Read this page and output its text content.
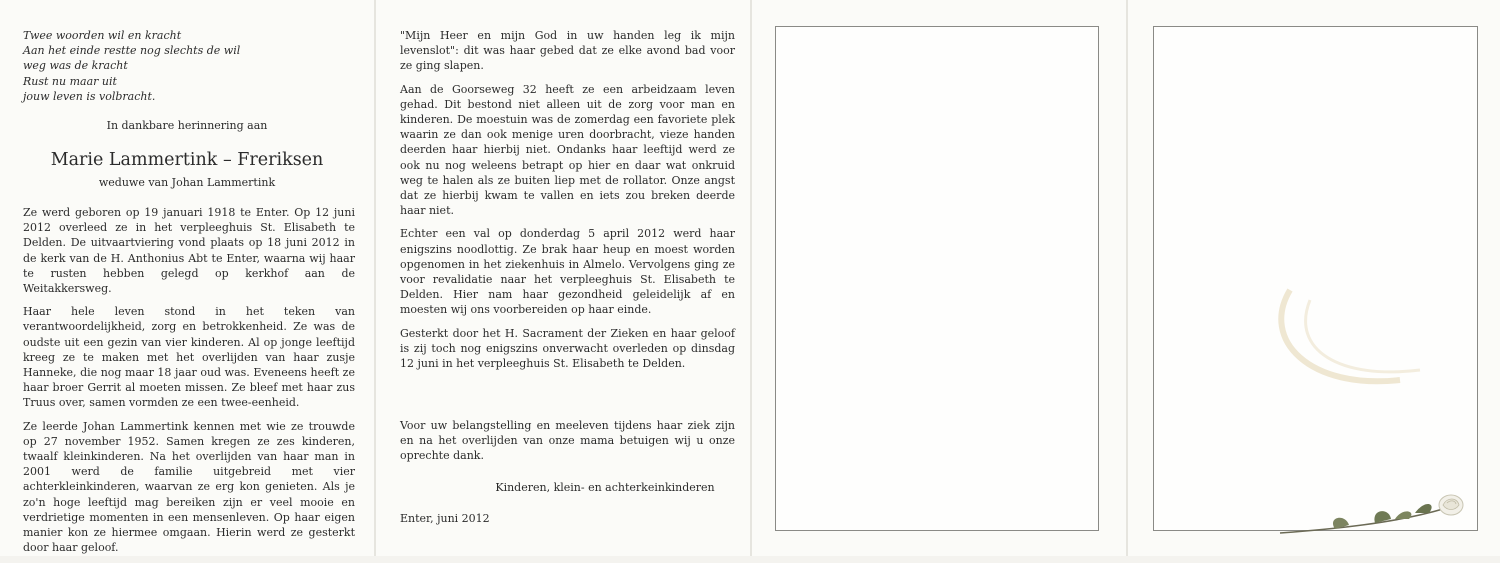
Twee woorden wil en kracht
Aan het einde restte nog slechts de wil
weg was de kracht
Rust nu maar uit
jouw leven is volbracht.
In dankbare herinnering aan
Marie Lammertink – Freriksen
weduwe van Johan Lammertink

Ze werd geboren op 19 januari 1918 te Enter. Op 12 juni 2012 overleed ze in het verpleeghuis St. Elisabeth te Delden. De uitvaartviering vond plaats op 18 juni 2012 in de kerk van de H. Anthonius Abt te Enter, waarna wij haar te rusten hebben gelegd op kerkhof aan de Weitakkersweg.

Haar hele leven stond in het teken van verantwoordelijkheid, zorg en betrokkenheid. Ze was de oudste uit een gezin van vier kinderen. Al op jonge leeftijd kreeg ze te maken met het overlijden van haar zusje Hanneke, die nog maar 18 jaar oud was. Eveneens heeft ze haar broer Gerrit al moeten missen. Ze bleef met haar zus Truus over, samen vormden ze een twee-eenheid.

Ze leerde Johan Lammertink kennen met wie ze trouwde op 27 november 1952. Samen kregen ze zes kinderen, twaalf kleinkinderen. Na het overlijden van haar man in 2001 werd de familie uitgebreid met vier achterkleinkinderen, waarvan ze erg kon genieten. Als je zo'n hoge leeftijd mag bereiken zijn er veel mooie en verdrietige momenten in een mensenleven. Op haar eigen manier kon ze hiermee omgaan. Hierin werd ze gesterkt door haar geloof.

"Mijn Heer en mijn God in uw handen leg ik mijn levenslot": dit was haar gebed dat ze elke avond bad voor ze ging slapen.

Aan de Goorseweg 32 heeft ze een arbeidzaam leven gehad. Dit bestond niet alleen uit de zorg voor man en kinderen. De moestuin was de zomerdag een favoriete plek waarin ze dan ook menige uren doorbracht, vieze handen deerden haar hierbij niet. Ondanks haar leeftijd werd ze ook nu nog weleens betrapt op hier en daar wat onkruid weg te halen als ze buiten liep met de rollator. Onze angst dat ze hierbij kwam te vallen en iets zou breken deerde haar niet.

Echter een val op donderdag 5 april 2012 werd haar enigszins noodlottig. Ze brak haar heup en moest worden opgenomen in het ziekenhuis in Almelo. Vervolgens ging ze voor revalidatie naar het verpleeghuis St. Elisabeth te Delden. Hier nam haar gezondheid geleidelijk af en moesten wij ons voorbereiden op haar einde.

Gesterkt door het H. Sacrament der Zieken en haar geloof is zij toch nog enigszins onverwacht overleden op dinsdag 12 juni in het verpleeghuis St. Elisabeth te Delden.

Voor uw belangstelling en meeleven tijdens haar ziek zijn en na het overlijden van onze mama betuigen wij u onze oprechte dank.
Kinderen, klein- en achterkeinkinderen
Enter, juni 2012
